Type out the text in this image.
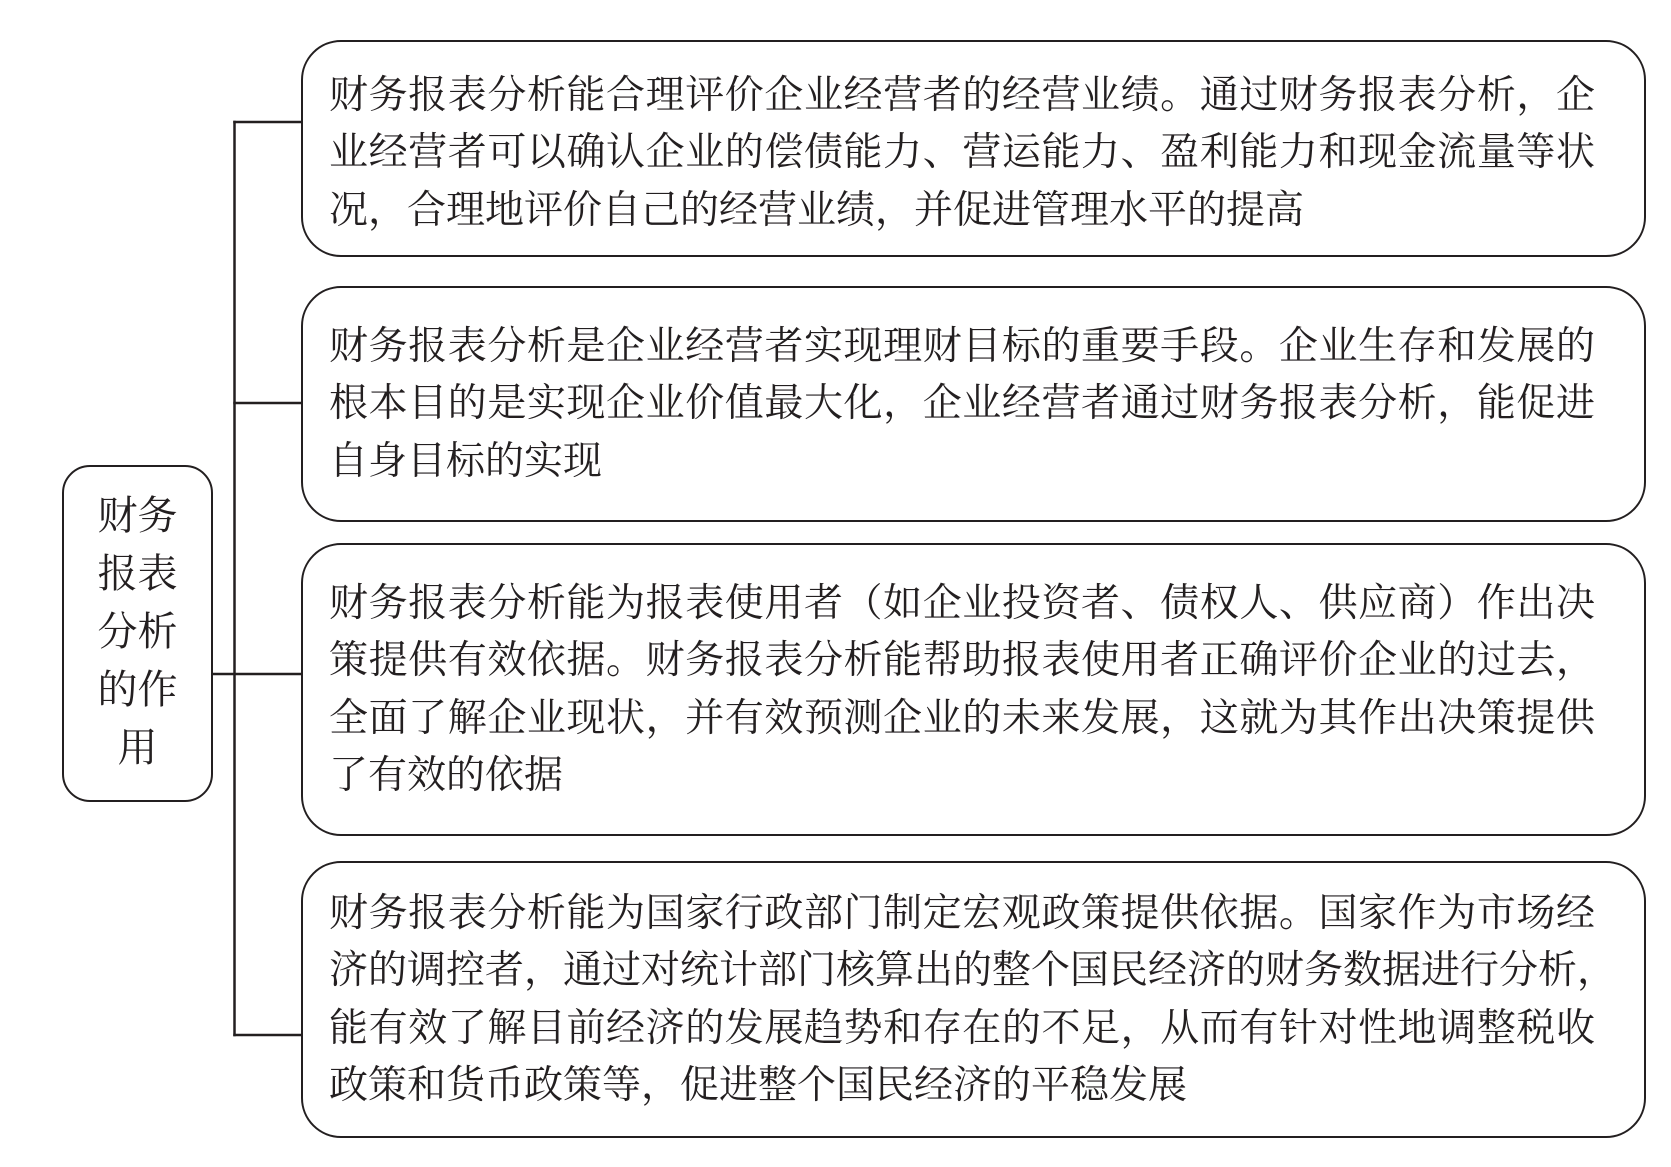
财务
报表
分析
的作
用
财务报表分析能合理评价企业经营者的经营业绩。通过财务报表分析，企
业经营者可以确认企业的偿债能力、营运能力、盈利能力和现金流量等状
况，合理地评价自己的经营业绩，并促进管理水平的提高
财务报表分析是企业经营者实现理财目标的重要手段。企业生存和发展的
根本目的是实现企业价值最大化，企业经营者通过财务报表分析，能促进
自身目标的实现
财务报表分析能为报表使用者（如企业投资者、债权人、供应商）作出决
策提供有效依据。财务报表分析能帮助报表使用者正确评价企业的过去，
全面了解企业现状，并有效预测企业的未来发展，这就为其作出决策提供
了有效的依据
财务报表分析能为国家行政部门制定宏观政策提供依据。国家作为市场经
济的调控者，通过对统计部门核算出的整个国民经济的财务数据进行分析，
能有效了解目前经济的发展趋势和存在的不足，从而有针对性地调整税收
政策和货币政策等，促进整个国民经济的平稳发展
